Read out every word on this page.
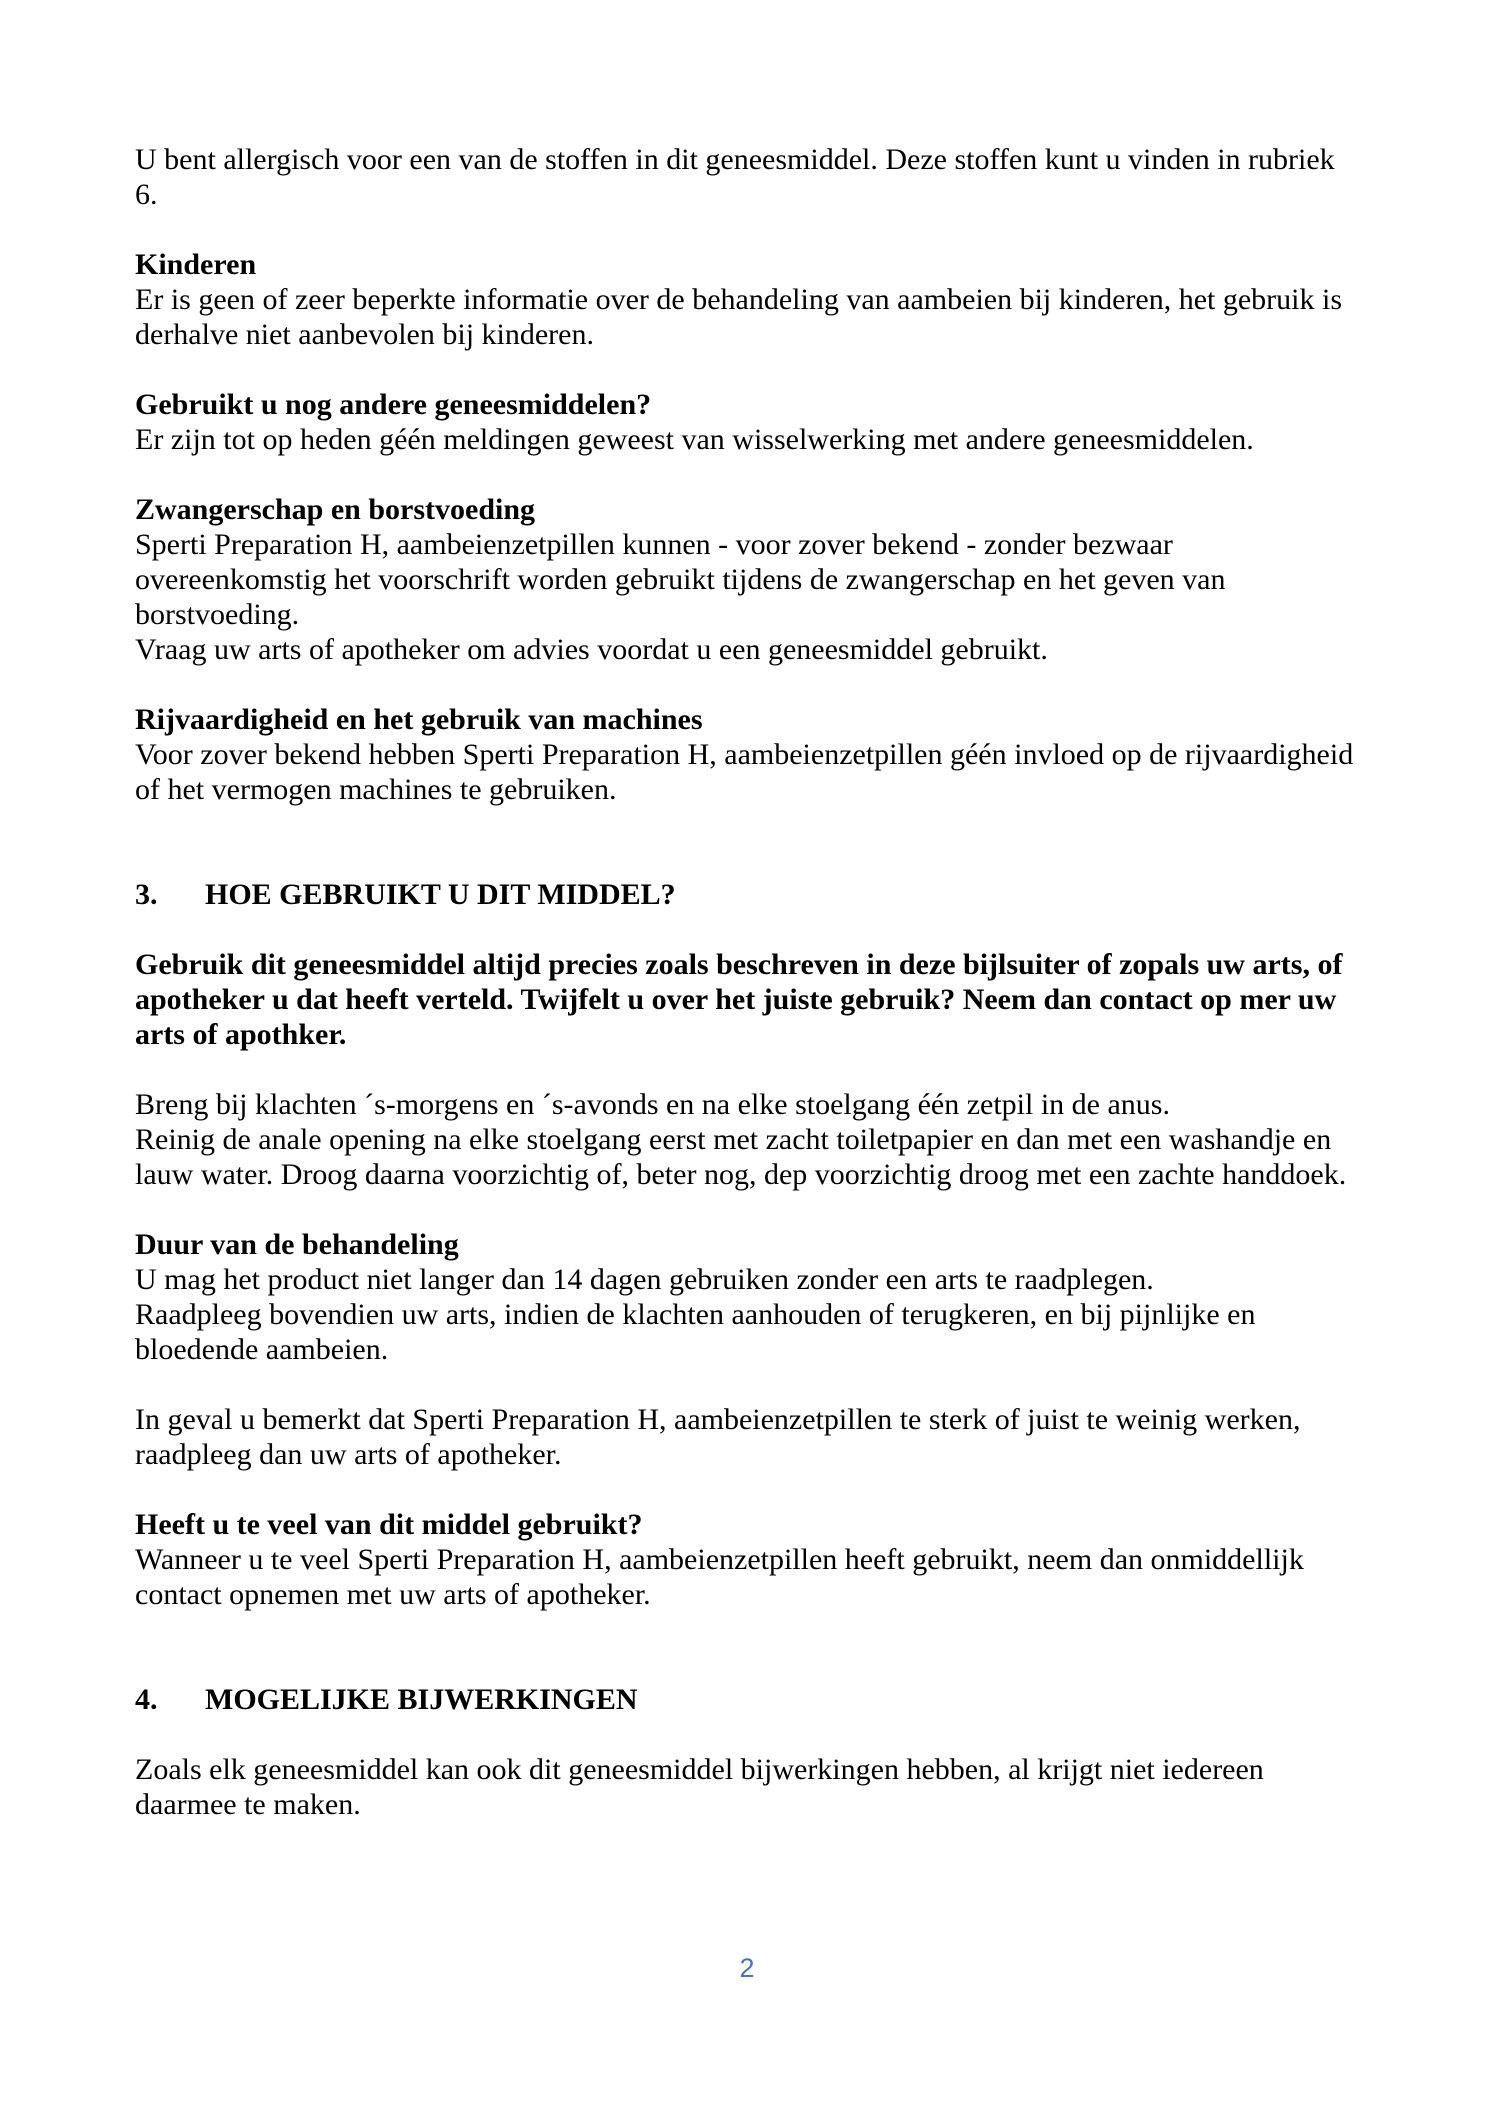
U bent allergisch voor een van de stoffen in dit geneesmiddel. Deze stoffen kunt u vinden in rubriek 6.

Kinderen

Er is geen of zeer beperkte informatie over de behandeling van aambeien bij kinderen, het gebruik is derhalve niet aanbevolen bij kinderen.

Gebruikt u nog andere geneesmiddelen?

Er zijn tot op heden géén meldingen geweest van wisselwerking met andere geneesmiddelen.

Zwangerschap en borstvoeding

Sperti Preparation H, aambeienzetpillen kunnen - voor zover bekend - zonder bezwaar overeenkomstig het voorschrift worden gebruikt tijdens de zwangerschap en het geven van borstvoeding.

Vraag uw arts of apotheker om advies voordat u een geneesmiddel gebruikt.

Rijvaardigheid en het gebruik van machines

Voor zover bekend hebben Sperti Preparation H, aambeienzetpillen géén invloed op de rijvaardigheid of het vermogen machines te gebruiken.

3.	HOE GEBRUIKT U DIT MIDDEL?

Gebruik dit geneesmiddel altijd precies zoals beschreven in deze bijlsuiter of zopals uw arts, of apotheker u dat heeft verteld. Twijfelt u over het juiste gebruik? Neem dan contact op mer uw arts of apothker.

Breng bij klachten ´s-morgens en ´s-avonds en na elke stoelgang één zetpil in de anus.

Reinig de anale opening na elke stoelgang eerst met zacht toiletpapier en dan met een washandje en lauw water. Droog daarna voorzichtig of, beter nog, dep voorzichtig droog met een zachte handdoek.

Duur van de behandeling

U mag het product niet langer dan 14 dagen gebruiken zonder een arts te raadplegen.

Raadpleeg bovendien uw arts, indien de klachten aanhouden of terugkeren, en bij pijnlijke en bloedende aambeien.

In geval u bemerkt dat Sperti Preparation H, aambeienzetpillen te sterk of juist te weinig werken, raadpleeg dan uw arts of apotheker.

Heeft u te veel van dit middel gebruikt?

Wanneer u te veel Sperti Preparation H, aambeienzetpillen heeft gebruikt, neem dan onmiddellijk contact opnemen met uw arts of apotheker.

4.	MOGELIJKE BIJWERKINGEN

Zoals elk geneesmiddel kan ook dit geneesmiddel bijwerkingen hebben, al krijgt niet iedereen daarmee te maken.

2
